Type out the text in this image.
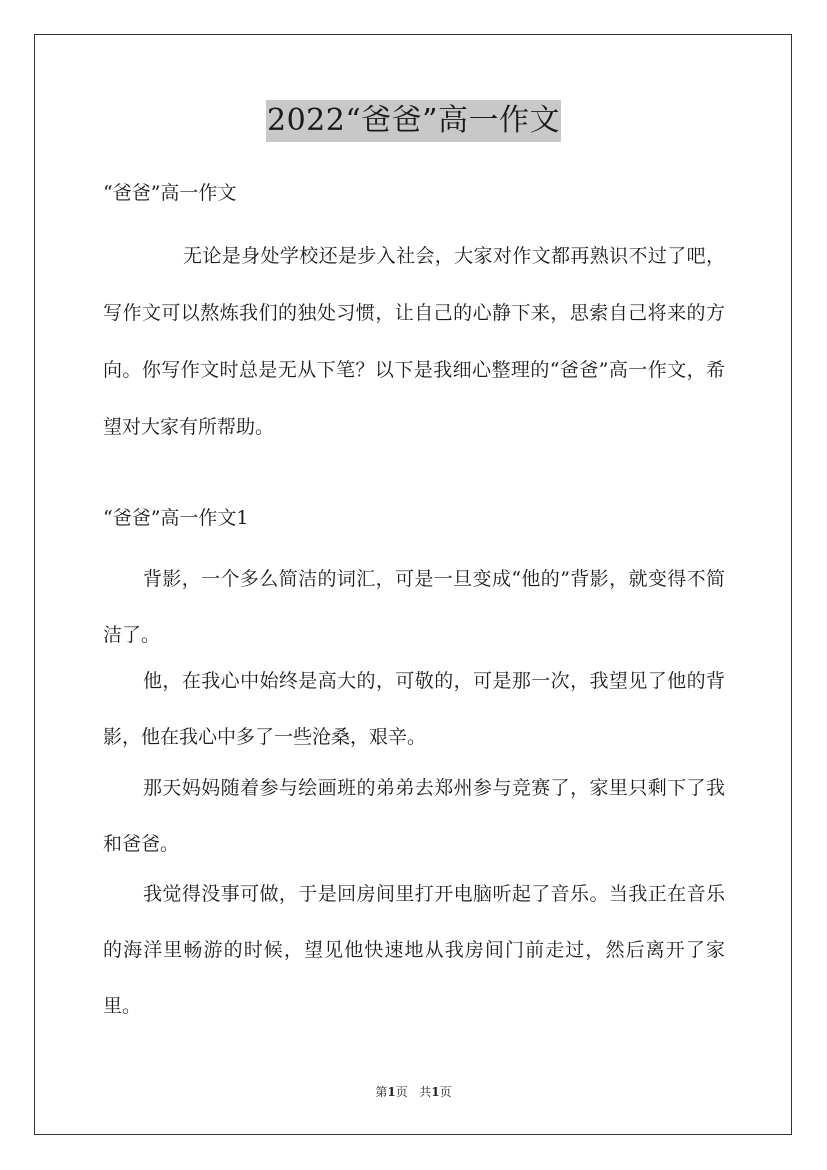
2022“爸爸”高一作文
“爸爸”高一作文

无论是身处学校还是步入社会，大家对作文都再熟识不过了吧，写作文可以熬炼我们的独处习惯，让自己的心静下来，思索自己将来的方向。你写作文时总是无从下笔？以下是我细心整理的“爸爸”高一作文，希望对大家有所帮助。

“爸爸”高一作文1

背影，一个多么简洁的词汇，可是一旦变成“他的”背影，就变得不简洁了。

他，在我心中始终是高大的，可敬的，可是那一次，我望见了他的背影，他在我心中多了一些沧桑，艰辛。

那天妈妈随着参与绘画班的弟弟去郑州参与竞赛了，家里只剩下了我和爸爸。

我觉得没事可做，于是回房间里打开电脑听起了音乐。当我正在音乐的海洋里畅游的时候，望见他快速地从我房间门前走过，然后离开了家里。

第1页 共1页
